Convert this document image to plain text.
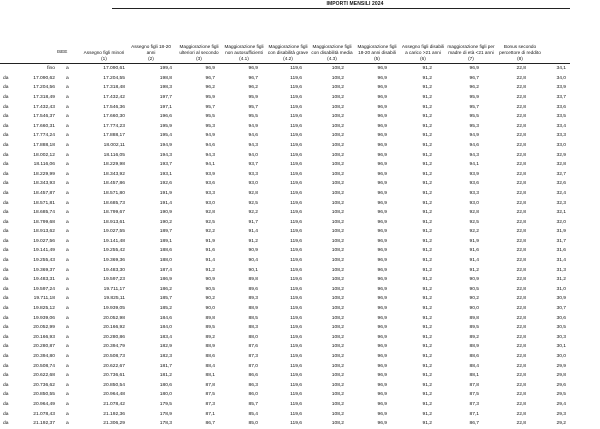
IMPORTI MENSILI 2024
ISEE	Assegno figli minori
(1)
Assegno figli 18-20 anni
(2)
Maggiorazione figli ulteriori al secondo
(3)
Maggiorazione figli non autosufficienti
(4.1)
Maggiorazione figli con disabilità grave
(4.2)
Maggiorazione figli con disabilità media
(4.3)
Maggiorazione figli 18-20 anni disabili
(5)
Assegno figli disabili a carico >21 anni
(6)
maggiorazione figli per madre di età <21 anni
(7)
Bonus secondo percettore di reddito
(8)
fino a	17.090,61	199,4	96,9	96,9	119,6	108,2	96,9	91,2	96,9	22,8	34,1
da	17.090,62 a	17.204,55	198,8	96,7	96,7	119,6	108,2	96,9	91,2	96,7	22,8	34,0
da	17.204,56 a	17.318,48	198,3	96,2	96,2	119,6	108,2	96,9	91,2	96,2	22,8	33,9
da	17.318,49 a	17.432,42	197,7	95,9	95,9	119,6	108,2	96,9	91,2	95,9	22,8	33,7
da	17.432,43 a	17.546,36	197,1	95,7	95,7	119,6	108,2	96,9	91,2	95,7	22,8	33,6
da	17.546,37 a	17.660,30	196,6	95,5	95,5	119,6	108,2	96,9	91,2	95,5	22,8	33,5
da	17.660,31 a	17.774,23	195,9	95,3	94,9	119,6	108,2	96,9	91,2	95,3	22,8	33,4
da	17.774,24 a	17.888,17	195,4	94,9	94,6	119,6	108,2	96,9	91,2	94,9	22,8	33,3
da	17.888,18 a	18.002,11	194,9	94,6	94,3	119,6	108,2	96,9	91,2	94,6	22,8	33,0
da	18.002,12 a	18.116,05	194,3	94,3	94,0	119,6	108,2	96,9	91,2	94,3	22,8	32,9
da	18.116,06 a	18.229,98	193,7	94,1	93,7	119,6	108,2	96,9	91,2	94,1	22,8	32,8
da	18.229,99 a	18.343,92	193,1	93,9	93,3	119,6	108,2	96,9	91,2	93,9	22,8	32,7
da	18.343,93 a	18.457,86	192,6	93,6	93,0	119,6	108,2	96,9	91,2	93,6	22,8	32,6
da	18.457,87 a	18.571,80	191,9	93,3	92,8	119,6	108,2	96,9	91,2	93,3	22,8	32,4
da	18.571,81 a	18.685,73	191,4	93,0	92,5	119,6	108,2	96,9	91,2	93,0	22,8	32,3
da	18.685,74 a	18.799,67	190,9	92,8	92,2	119,6	108,2	96,9	91,2	92,8	22,8	32,1
da	18.799,68 a	18.913,61	190,2	92,5	91,7	119,6	108,2	96,9	91,2	92,5	22,8	32,0
da	18.913,62 a	19.027,55	189,7	92,2	91,4	119,6	108,2	96,9	91,2	92,2	22,8	31,9
da	19.027,56 a	19.141,48	189,1	91,9	91,2	119,6	108,2	96,9	91,2	91,9	22,8	31,7
da	19.141,49 a	19.255,42	188,6	91,6	90,9	119,6	108,2	96,9	91,2	91,6	22,8	31,6
da	19.255,43 a	19.369,36	188,0	91,4	90,4	119,6	108,2	96,9	91,2	91,4	22,8	31,4
da	19.369,37 a	19.483,30	187,4	91,2	90,1	119,6	108,2	96,9	91,2	91,2	22,8	31,3
da	19.483,31 a	19.597,23	186,9	90,9	89,8	119,6	108,2	96,9	91,2	90,9	22,8	31,2
da	19.597,24 a	19.711,17	186,2	90,5	89,6	119,6	108,2	96,9	91,2	90,5	22,8	31,0
da	19.711,18 a	19.825,11	185,7	90,2	89,3	119,6	108,2	96,9	91,2	90,2	22,8	30,9
da	19.825,12 a	19.939,05	185,2	90,0	88,9	119,6	108,2	96,9	91,2	90,0	22,8	30,7
da	19.939,06 a	20.052,98	184,6	89,8	88,5	119,6	108,2	96,9	91,2	89,8	22,8	30,6
da	20.052,99 a	20.166,92	184,0	89,5	88,3	119,6	108,2	96,9	91,2	89,5	22,8	30,5
da	20.166,93 a	20.280,86	183,4	89,2	88,0	119,6	108,2	96,9	91,2	89,2	22,8	30,3
da	20.280,87 a	20.394,79	182,9	88,9	87,6	119,6	108,2	96,9	91,2	88,9	22,8	30,1
da	20.394,80 a	20.508,73	182,3	88,6	87,3	119,6	108,2	96,9	91,2	88,6	22,8	30,0
da	20.508,74 a	20.622,67	181,7	88,4	87,0	119,6	108,2	96,9	91,2	88,4	22,8	29,9
da	20.622,68 a	20.736,61	181,2	88,1	86,6	119,6	108,2	96,9	91,2	88,1	22,8	29,8
da	20.736,62 a	20.850,54	180,6	87,8	86,3	119,6	108,2	96,9	91,2	87,8	22,8	29,6
da	20.850,55 a	20.964,48	180,0	87,5	86,0	119,6	108,2	96,9	91,2	87,5	22,8	29,5
da	20.964,49 a	21.078,42	179,5	87,3	85,7	119,6	108,2	96,9	91,2	87,3	22,8	29,4
da	21.078,43 a	21.192,36	178,9	87,1	85,4	119,6	108,2	96,9	91,2	87,1	22,8	29,3
da	21.192,37 a	21.306,29	178,3	86,7	85,0	119,6	108,2	96,9	91,2	86,7	22,8	29,2
